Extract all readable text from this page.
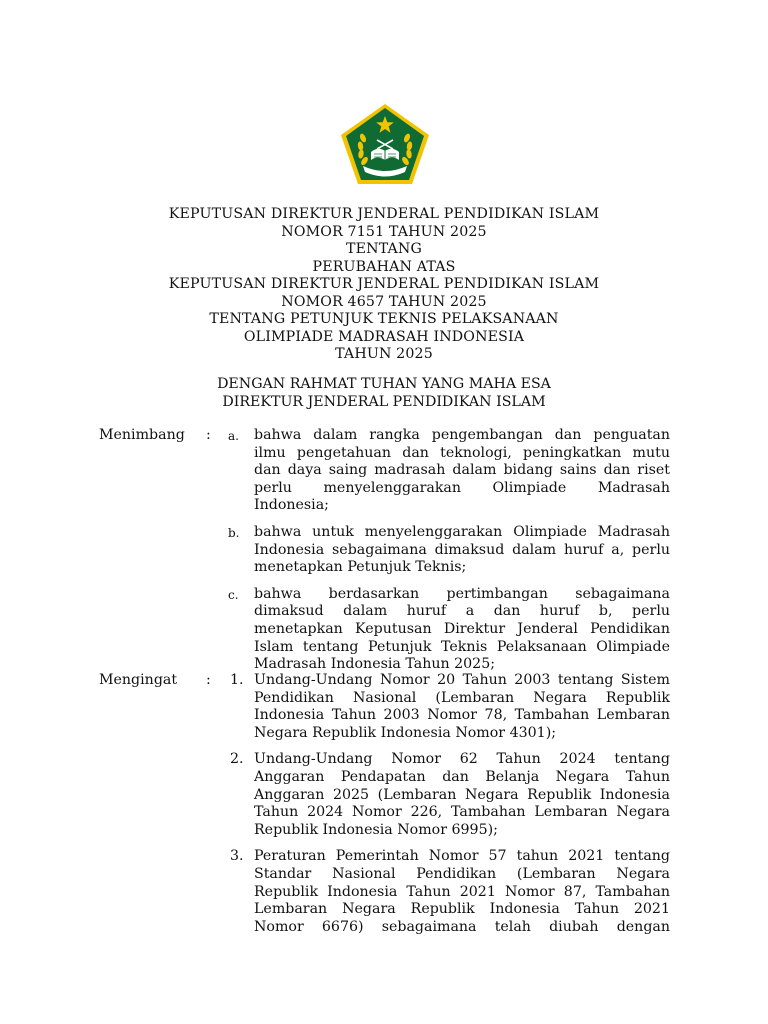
KEPUTUSAN DIREKTUR JENDERAL PENDIDIKAN ISLAM
NOMOR 7151 TAHUN 2025
TENTANG
PERUBAHAN ATAS
KEPUTUSAN DIREKTUR JENDERAL PENDIDIKAN ISLAM
NOMOR 4657 TAHUN 2025
TENTANG PETUNJUK TEKNIS PELAKSANAAN
OLIMPIADE MADRASAH INDONESIA
TAHUN 2025
DENGAN RAHMAT TUHAN YANG MAHA ESA
DIREKTUR JENDERAL PENDIDIKAN ISLAM
Menimbang : a. bahwa dalam rangka pengembangan dan penguatan
ilmu pengetahuan dan teknologi, peningkatkan mutu
dan daya saing madrasah dalam bidang sains dan riset
perlu menyelenggarakan Olimpiade Madrasah
Indonesia;
b. bahwa untuk menyelenggarakan Olimpiade Madrasah
Indonesia sebagaimana dimaksud dalam huruf a, perlu
menetapkan Petunjuk Teknis;
c. bahwa berdasarkan pertimbangan sebagaimana
dimaksud dalam huruf a dan huruf b, perlu
menetapkan Keputusan Direktur Jenderal Pendidikan
Islam tentang Petunjuk Teknis Pelaksanaan Olimpiade
Madrasah Indonesia Tahun 2025;
Mengingat : 1. Undang-Undang Nomor 20 Tahun 2003 tentang Sistem
Pendidikan Nasional (Lembaran Negara Republik
Indonesia Tahun 2003 Nomor 78, Tambahan Lembaran
Negara Republik Indonesia Nomor 4301);
2. Undang-Undang Nomor 62 Tahun 2024 tentang
Anggaran Pendapatan dan Belanja Negara Tahun
Anggaran 2025 (Lembaran Negara Republik Indonesia
Tahun 2024 Nomor 226, Tambahan Lembaran Negara
Republik Indonesia Nomor 6995);
3. Peraturan Pemerintah Nomor 57 tahun 2021 tentang
Standar Nasional Pendidikan (Lembaran Negara
Republik Indonesia Tahun 2021 Nomor 87, Tambahan
Lembaran Negara Republik Indonesia Tahun 2021
Nomor 6676) sebagaimana telah diubah dengan
